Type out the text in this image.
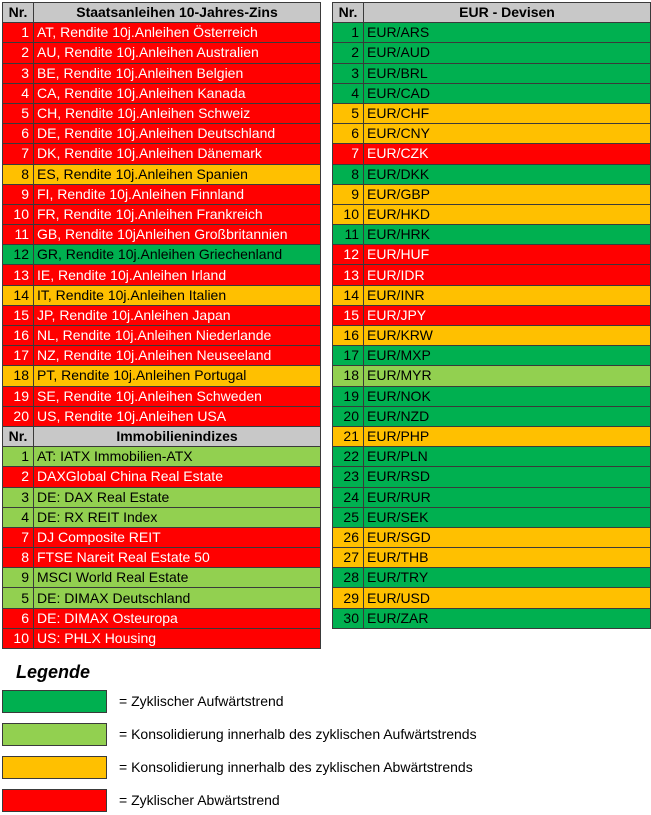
Nr.	Staatsanleihen 10-Jahres-Zins
1	AT, Rendite 10j.Anleihen Österreich
2	AU, Rendite 10j.Anleihen Australien
3	BE, Rendite 10j.Anleihen Belgien
4	CA, Rendite 10j.Anleihen Kanada
5	CH, Rendite 10j.Anleihen Schweiz
6	DE, Rendite 10j.Anleihen Deutschland
7	DK, Rendite 10j.Anleihen Dänemark
8	ES, Rendite 10j.Anleihen Spanien
9	FI, Rendite 10j.Anleihen Finnland
10	FR, Rendite 10j.Anleihen Frankreich
11	GB, Rendite 10jAnleihen Großbritannien
12	GR, Rendite 10j.Anleihen Griechenland
13	IE, Rendite 10j.Anleihen Irland
14	IT, Rendite 10j.Anleihen Italien
15	JP, Rendite 10j.Anleihen Japan
16	NL, Rendite 10j.Anleihen Niederlande
17	NZ, Rendite 10j.Anleihen Neuseeland
18	PT, Rendite 10j.Anleihen Portugal
19	SE, Rendite 10j.Anleihen Schweden
20	US, Rendite 10j.Anleihen USA
Nr.	Immobilienindizes
1	AT: IATX Immobilien-ATX
2	DAXGlobal China Real Estate
3	DE: DAX Real Estate
4	DE: RX REIT Index
7	DJ Composite REIT
8	FTSE Nareit Real Estate 50
9	MSCI World Real Estate
5	DE: DIMAX Deutschland
6	DE: DIMAX Osteuropa
10	US: PHLX Housing
Nr.	EUR - Devisen
1	EUR/ARS
2	EUR/AUD
3	EUR/BRL
4	EUR/CAD
5	EUR/CHF
6	EUR/CNY
7	EUR/CZK
8	EUR/DKK
9	EUR/GBP
10	EUR/HKD
11	EUR/HRK
12	EUR/HUF
13	EUR/IDR
14	EUR/INR
15	EUR/JPY
16	EUR/KRW
17	EUR/MXP
18	EUR/MYR
19	EUR/NOK
20	EUR/NZD
21	EUR/PHP
22	EUR/PLN
23	EUR/RSD
24	EUR/RUR
25	EUR/SEK
26	EUR/SGD
27	EUR/THB
28	EUR/TRY
29	EUR/USD
30	EUR/ZAR
Legende
= Zyklischer Aufwärtstrend
= Konsolidierung innerhalb des zyklischen Aufwärtstrends
= Konsolidierung innerhalb des zyklischen Abwärtstrends
= Zyklischer Abwärtstrend
